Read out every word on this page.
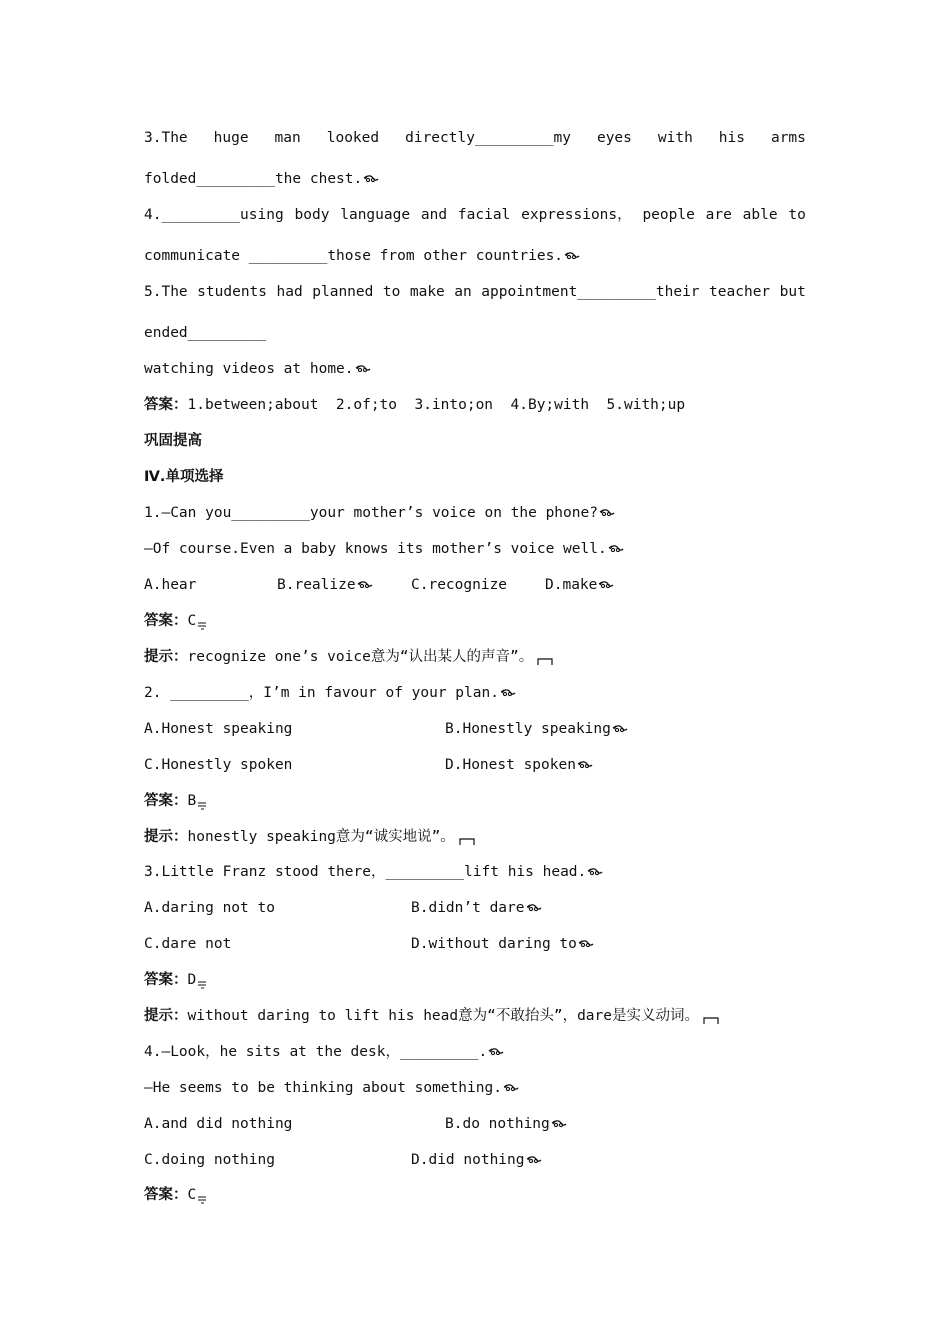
3.The huge man looked directly_________my eyes with his arms
folded_________the chest.
4._________using body language and facial expressions， people are able to
communicate _________those from other countries.
5.The students had planned to make an appointment_________their teacher but
ended_________
watching videos at home.
答案：1.between;about  2.of;to  3.into;on  4.By;with  5.with;up
巩固提高
Ⅳ.单项选择
1.—Can you_________your mother’s voice on the phone?
—Of course.Even a baby knows its mother’s voice well.
A.hear	B.realize	C.recognize	D.make
答案：C
提示：recognize one’s voice意为“认出某人的声音”。
2. _________，I’m in favour of your plan.
A.Honest speaking	B.Honestly speaking
C.Honestly spoken	D.Honest spoken
答案：B
提示：honestly speaking意为“诚实地说”。
3.Little Franz stood there，_________lift his head.
A.daring not to	B.didn’t dare
C.dare not	D.without daring to
答案：D
提示：without daring to lift his head意为“不敢抬头”，dare是实义动词。
4.—Look，he sits at the desk，_________.
—He seems to be thinking about something.
A.and did nothing	B.do nothing
C.doing nothing	D.did nothing
答案：C
